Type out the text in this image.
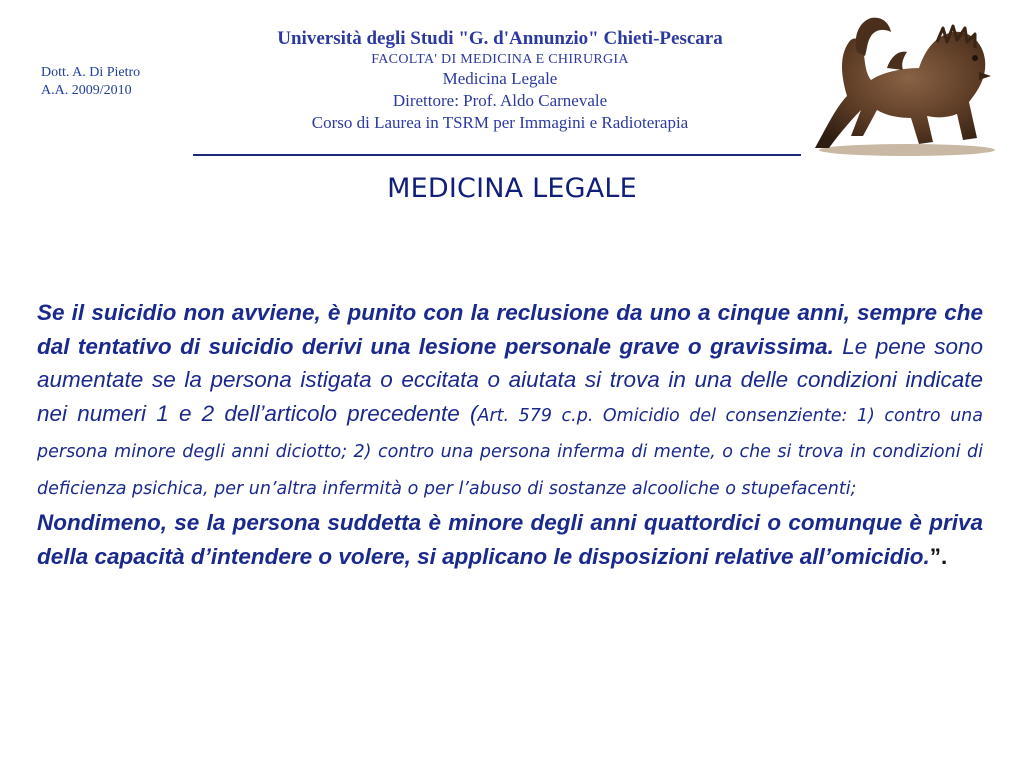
Dott. A. Di Pietro
A.A. 2009/2010
Università degli Studi "G. d'Annunzio" Chieti-Pescara
FACOLTA' DI MEDICINA E CHIRURGIA
Medicina Legale
Direttore: Prof. Aldo Carnevale
Corso di Laurea in TSRM per Immagini e Radioterapia
MEDICINA LEGALE

Se il suicidio non avviene, è punito con la reclusione da uno a cinque anni, sempre che dal tentativo di suicidio derivi una lesione personale grave o gravissima. Le pene sono aumentate se la persona istigata o eccitata o aiutata si trova in una delle condizioni indicate nei numeri 1 e 2 dell’articolo precedente (Art. 579 c.p. Omicidio del consenziente: 1) contro una persona minore degli anni diciotto; 2) contro una persona inferma di mente, o che si trova in condizioni di deficienza psichica, per un’altra infermità o per l’abuso di sostanze alcooliche o stupefacenti;

Nondimeno, se la persona suddetta è minore degli anni quattordici o comunque è priva della capacità d’intendere o volere, si applicano le disposizioni relative all’omicidio.”.
